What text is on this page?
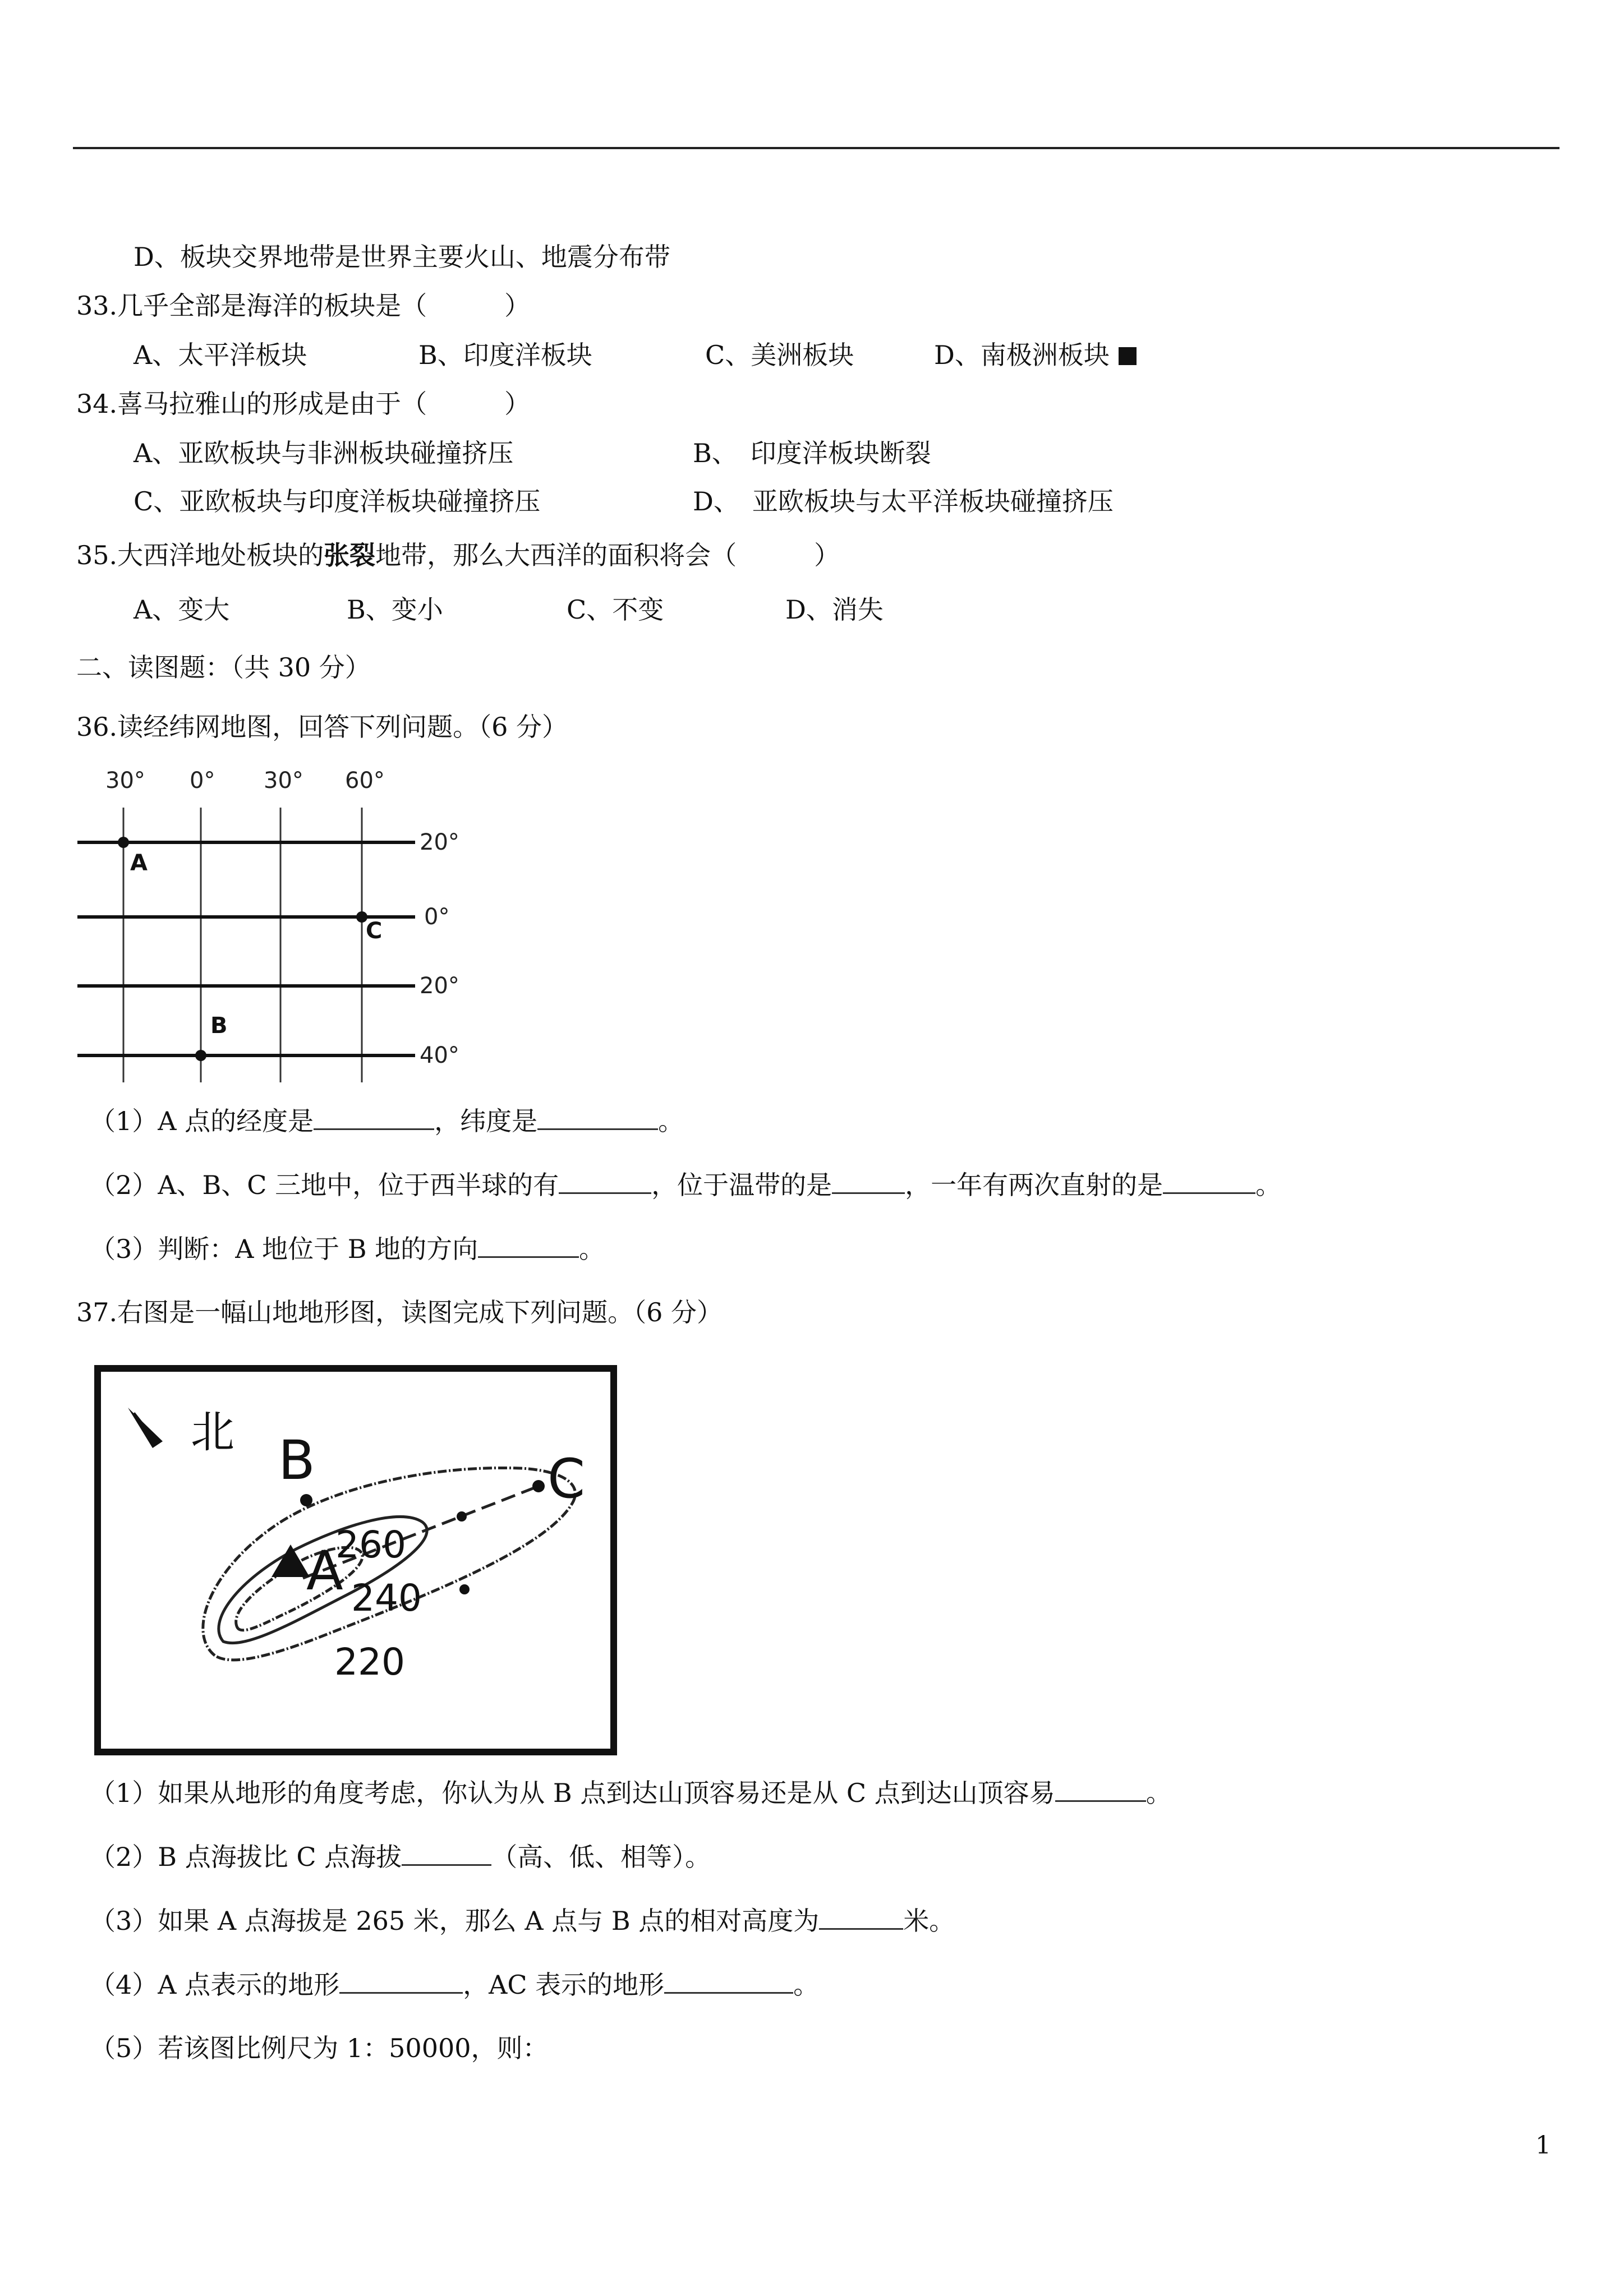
D、板块交界地带是世界主要火山、地震分布带
33.几乎全部是海洋的板块是（　　　）
A、太平洋板块	B、印度洋板块	C、美洲板块	D、南极洲板块
34.喜马拉雅山的形成是由于（　　　）
A、亚欧板块与非洲板块碰撞挤压	B、　印度洋板块断裂
C、亚欧板块与印度洋板块碰撞挤压	D、　亚欧板块与太平洋板块碰撞挤压
35.大西洋地处板块的张裂地带，那么大西洋的面积将会（　　　）
A、变大	B、变小	C、不变	D、消失
二、读图题：（共 30 分）
36.读经纬网地图，回答下列问题。（6 分）
30° 0° 30° 60°
20°
0°
20°
40°
A
B
C
（1）A 点的经度是	，纬度是	。
（2）A、B、C 三地中，位于西半球的有	，位于温带的是	，一年有两次直射的是	。
（3）判断：A 地位于 B 地的方向	。
37.右图是一幅山地地形图，读图完成下列问题。（6 分）
北
A
B	C
260
240
220
（1）如果从地形的角度考虑，你认为从 B 点到达山顶容易还是从 C 点到达山顶容易	。
（2）B 点海拔比 C 点海拔	（高、低、相等）。
（3）如果 A 点海拔是 265 米，那么 A 点与 B 点的相对高度为	米。
（4）A 点表示的地形	，AC 表示的地形	。
（5）若该图比例尺为 1：50000，则：
1
